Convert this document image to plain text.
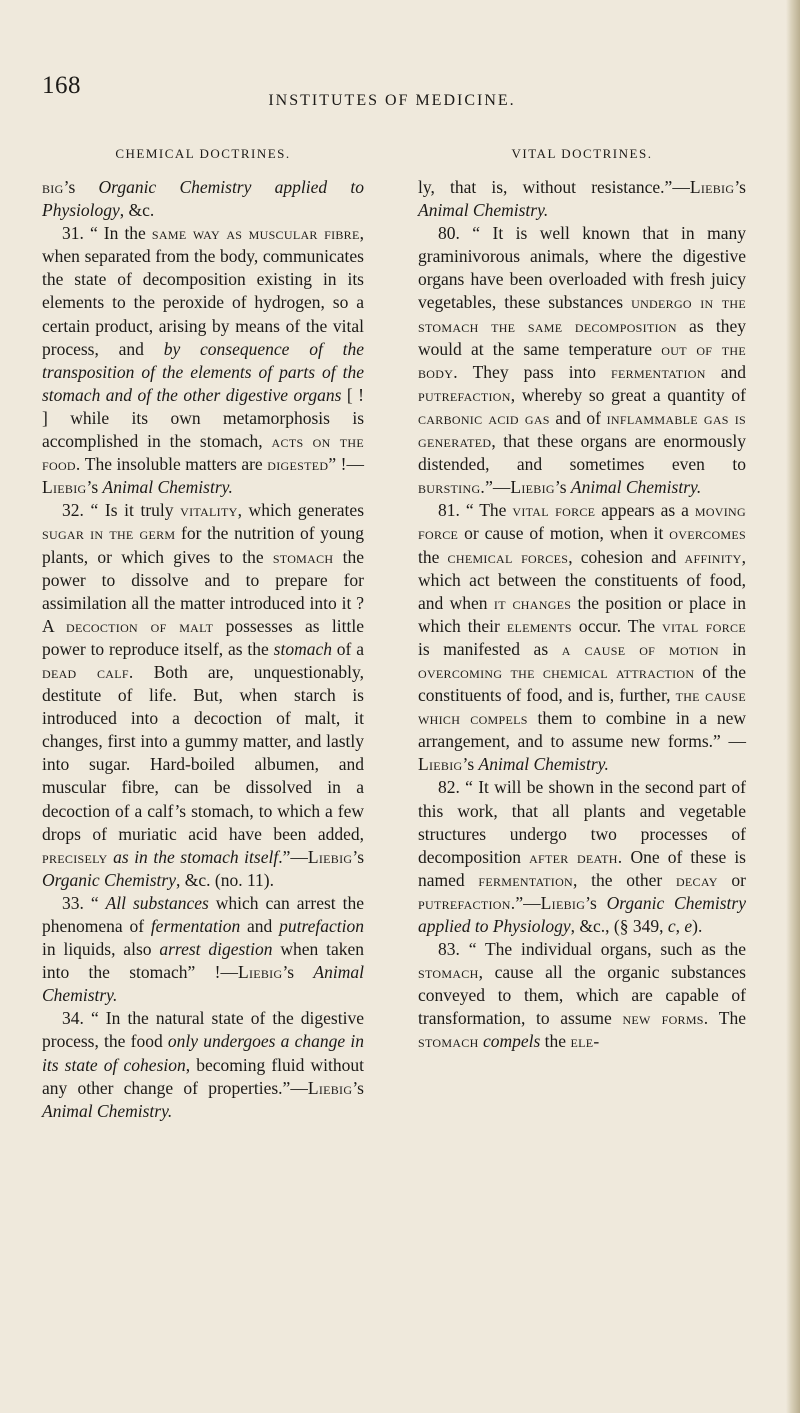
168
INSTITUTES OF MEDICINE.
CHEMICAL DOCTRINES.

big’s Organic Chemistry applied to Physiology, &c.

31. “ In the same way as muscular fibre, when separated from the body, communicates the state of decomposition existing in its elements to the peroxide of hydrogen, so a certain product, arising by means of the vital process, and by consequence of the transposition of the elements of parts of the stomach and of the other digestive organs [ ! ] while its own metamorphosis is accomplished in the stomach, acts on the food. The insoluble matters are digested” !—Liebig’s Animal Chemistry.

32. “ Is it truly vitality, which generates sugar in the germ for the nutrition of young plants, or which gives to the stomach the power to dissolve and to prepare for assimilation all the matter introduced into it ? A decoction of malt possesses as little power to reproduce itself, as the stomach of a dead calf. Both are, unquestionably, destitute of life. But, when starch is introduced into a decoction of malt, it changes, first into a gummy matter, and lastly into sugar. Hard-boiled albumen, and muscular fibre, can be dissolved in a decoction of a calf’s stomach, to which a few drops of muriatic acid have been added, precisely as in the stomach itself.”—Liebig’s Organic Chemistry, &c. (no. 11).

33. “ All substances which can arrest the phenomena of fermentation and putrefaction in liquids, also arrest digestion when taken into the stomach” !—Liebig’s Animal Chemistry.

34. “ In the natural state of the digestive process, the food only undergoes a change in its state of cohesion, becoming fluid without any other change of properties.”—Liebig’s Animal Chemistry.

VITAL DOCTRINES.

ly, that is, without resistance.”—Liebig’s Animal Chemistry.

80. “ It is well known that in many graminivorous animals, where the digestive organs have been overloaded with fresh juicy vegetables, these substances undergo in the stomach the same decomposition as they would at the same temperature out of the body. They pass into fermentation and putrefaction, whereby so great a quantity of carbonic acid gas and of inflammable gas is generated, that these organs are enormously distended, and sometimes even to bursting.”—Liebig’s Animal Chemistry.

81. “ The vital force appears as a moving force or cause of motion, when it overcomes the chemical forces, cohesion and affinity, which act between the constituents of food, and when it changes the position or place in which their elements occur. The vital force is manifested as a cause of motion in overcoming the chemical attraction of the constituents of food, and is, further, the cause which compels them to combine in a new arrangement, and to assume new forms.” —Liebig’s Animal Chemistry.

82. “ It will be shown in the second part of this work, that all plants and vegetable structures undergo two processes of decomposition after death. One of these is named fermentation, the other decay or putrefaction.”—Liebig’s Organic Chemistry applied to Physiology, &c., (§ 349, c, e).

83. “ The individual organs, such as the stomach, cause all the organic substances conveyed to them, which are capable of transformation, to assume new forms. The stomach compels the ele-
